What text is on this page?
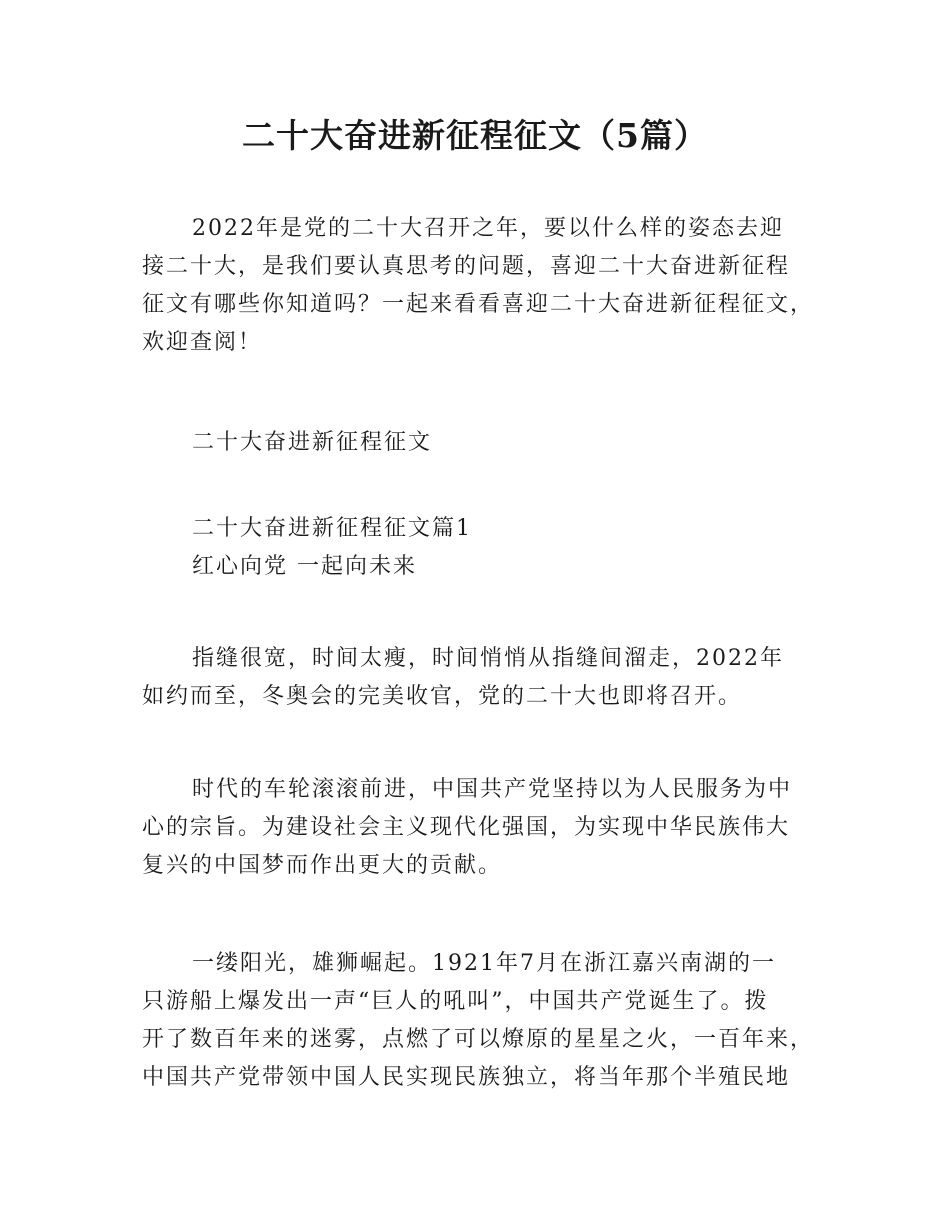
二十大奋进新征程征文（5篇）

2022年是党的二十大召开之年，要以什么样的姿态去迎
接二十大，是我们要认真思考的问题，喜迎二十大奋进新征程
征文有哪些你知道吗？一起来看看喜迎二十大奋进新征程征文，
欢迎查阅！

二十大奋进新征程征文

二十大奋进新征程征文篇1
红心向党 一起向未来

指缝很宽，时间太瘦，时间悄悄从指缝间溜走，2022年
如约而至，冬奥会的完美收官，党的二十大也即将召开。

时代的车轮滚滚前进，中国共产党坚持以为人民服务为中
心的宗旨。为建设社会主义现代化强国，为实现中华民族伟大
复兴的中国梦而作出更大的贡献。

一缕阳光，雄狮崛起。1921年7月在浙江嘉兴南湖的一
只游船上爆发出一声“巨人的吼叫”，中国共产党诞生了。拨
开了数百年来的迷雾，点燃了可以燎原的星星之火，一百年来，
中国共产党带领中国人民实现民族独立，将当年那个半殖民地
